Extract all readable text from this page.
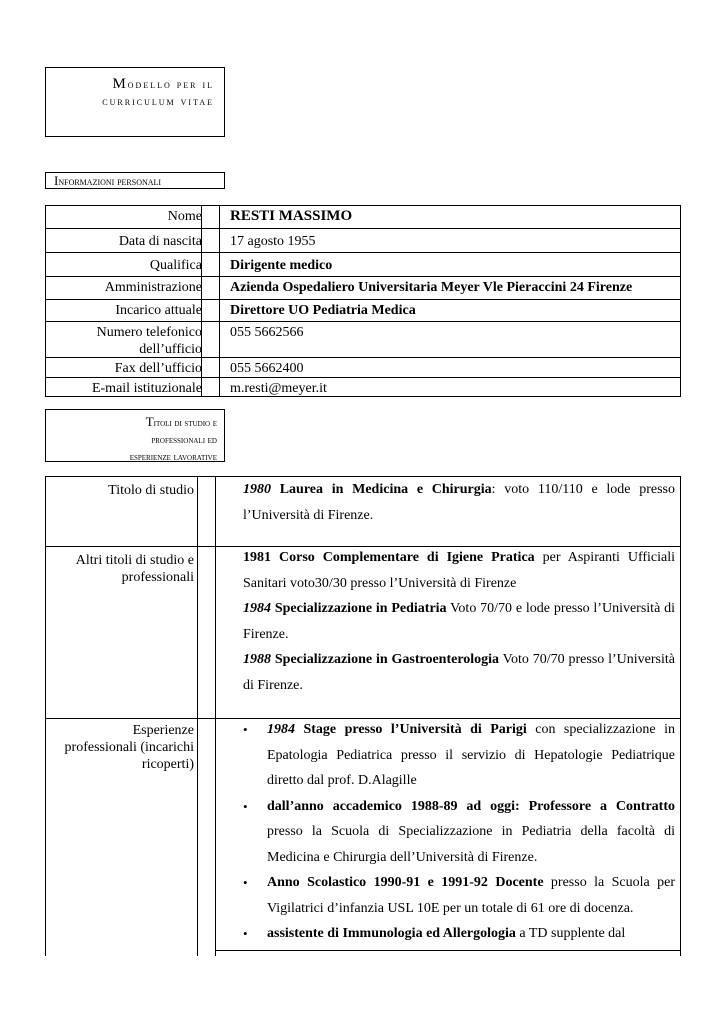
Modello per il
curriculum vitae
Informazioni personali
Nome RESTI MASSIMO
Data di nascita 17 agosto 1955
Qualifica Dirigente medico
Amministrazione Azienda Ospedaliero Universitaria Meyer Vle Pieraccini 24 Firenze
Incarico attuale Direttore UO Pediatria Medica
Numero telefonico
dell’ufficio
055 5662566
Fax dell’ufficio 055 5662400
E-mail istituzionale m.resti@meyer.it
Titoli di studio e
professionali ed
esperienze lavorative
Titolo di studio	1980 Laurea in Medicina e Chirurgia: voto 110/110 e lode presso l’Università di Firenze.

Altri titoli di studio e
professionali

1981 Corso Complementare di Igiene Pratica per Aspiranti Ufficiali Sanitari voto30/30 presso l’Università di Firenze

1984 Specializzazione in Pediatria Voto 70/70 e lode presso l’Università di Firenze.

1988 Specializzazione in Gastroenterologia Voto 70/70 presso l’Università di Firenze.

Esperienze
professionali (incarichi
ricoperti)
• 1984 Stage presso l’Università di Parigi con specializzazione in Epatologia Pediatrica presso il servizio di Hepatologie Pediatrique diretto dal prof. D.Alagille
• dall’anno accademico 1988-89 ad oggi: Professore a Contratto presso la Scuola di Specializzazione in Pediatria della facoltà di Medicina e Chirurgia dell’Università di Firenze.
• Anno Scolastico 1990-91 e 1991-92 Docente presso la Scuola per Vigilatrici d’infanzia USL 10E per un totale di 61 ore di docenza.
• assistente di Immunologia ed Allergologia a TD supplente dal
